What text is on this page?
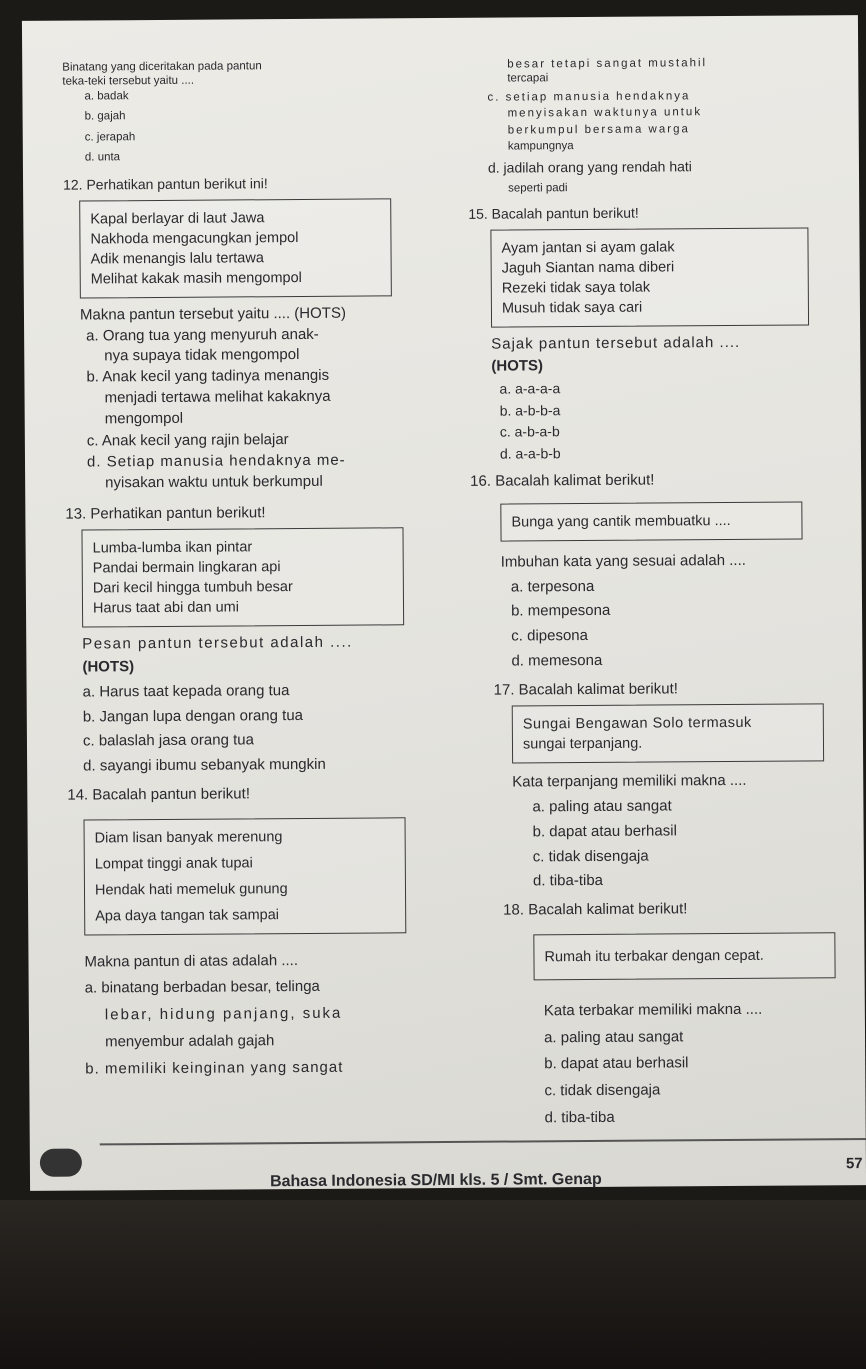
Binatang yang diceritakan pada pantun

teka-teki tersebut yaitu ....

a. badak

b. gajah

c. jerapah

d. unta

12. Perhatikan pantun berikut ini!

Kapal berlayar di laut Jawa

Nakhoda mengacungkan jempol

Adik menangis lalu tertawa

Melihat kakak masih mengompol

Makna pantun tersebut yaitu .... (HOTS)

a. Orang tua yang menyuruh anak-

nya supaya tidak mengompol

b. Anak kecil yang tadinya menangis

menjadi tertawa melihat kakaknya

mengompol

c. Anak kecil yang rajin belajar

d. Setiap manusia hendaknya me-

nyisakan waktu untuk berkumpul

13. Perhatikan pantun berikut!

Lumba-lumba ikan pintar

Pandai bermain lingkaran api

Dari kecil hingga tumbuh besar

Harus taat abi dan umi

Pesan pantun tersebut adalah ....

(HOTS)

a. Harus taat kepada orang tua

b. Jangan lupa dengan orang tua

c. balaslah jasa orang tua

d. sayangi ibumu sebanyak mungkin

14. Bacalah pantun berikut!

Diam lisan banyak merenung

Lompat tinggi anak tupai

Hendak hati memeluk gunung

Apa daya tangan tak sampai

Makna pantun di atas adalah ....

a. binatang berbadan besar, telinga

lebar, hidung panjang, suka

menyembur adalah gajah

b. memiliki keinginan yang sangat

besar tetapi sangat mustahil

tercapai

c. setiap manusia hendaknya

menyisakan waktunya untuk

berkumpul bersama warga

kampungnya

d. jadilah orang yang rendah hati

seperti padi

15. Bacalah pantun berikut!

Ayam jantan si ayam galak

Jaguh Siantan nama diberi

Rezeki tidak saya tolak

Musuh tidak saya cari

Sajak pantun tersebut adalah ....

(HOTS)

a. a-a-a-a

b. a-b-b-a

c. a-b-a-b

d. a-a-b-b

16. Bacalah kalimat berikut!

Bunga yang cantik membuatku ....

Imbuhan kata yang sesuai adalah ....

a. terpesona

b. mempesona

c. dipesona

d. memesona

17. Bacalah kalimat berikut!

Sungai Bengawan Solo termasuk

sungai terpanjang.

Kata terpanjang memiliki makna ....

a. paling atau sangat

b. dapat atau berhasil

c. tidak disengaja

d. tiba-tiba

18. Bacalah kalimat berikut!

Rumah itu terbakar dengan cepat.

Kata terbakar memiliki makna ....

a. paling atau sangat

b. dapat atau berhasil

c. tidak disengaja

d. tiba-tiba

Bahasa Indonesia SD/MI kls. 5 / Smt. Genap

57
